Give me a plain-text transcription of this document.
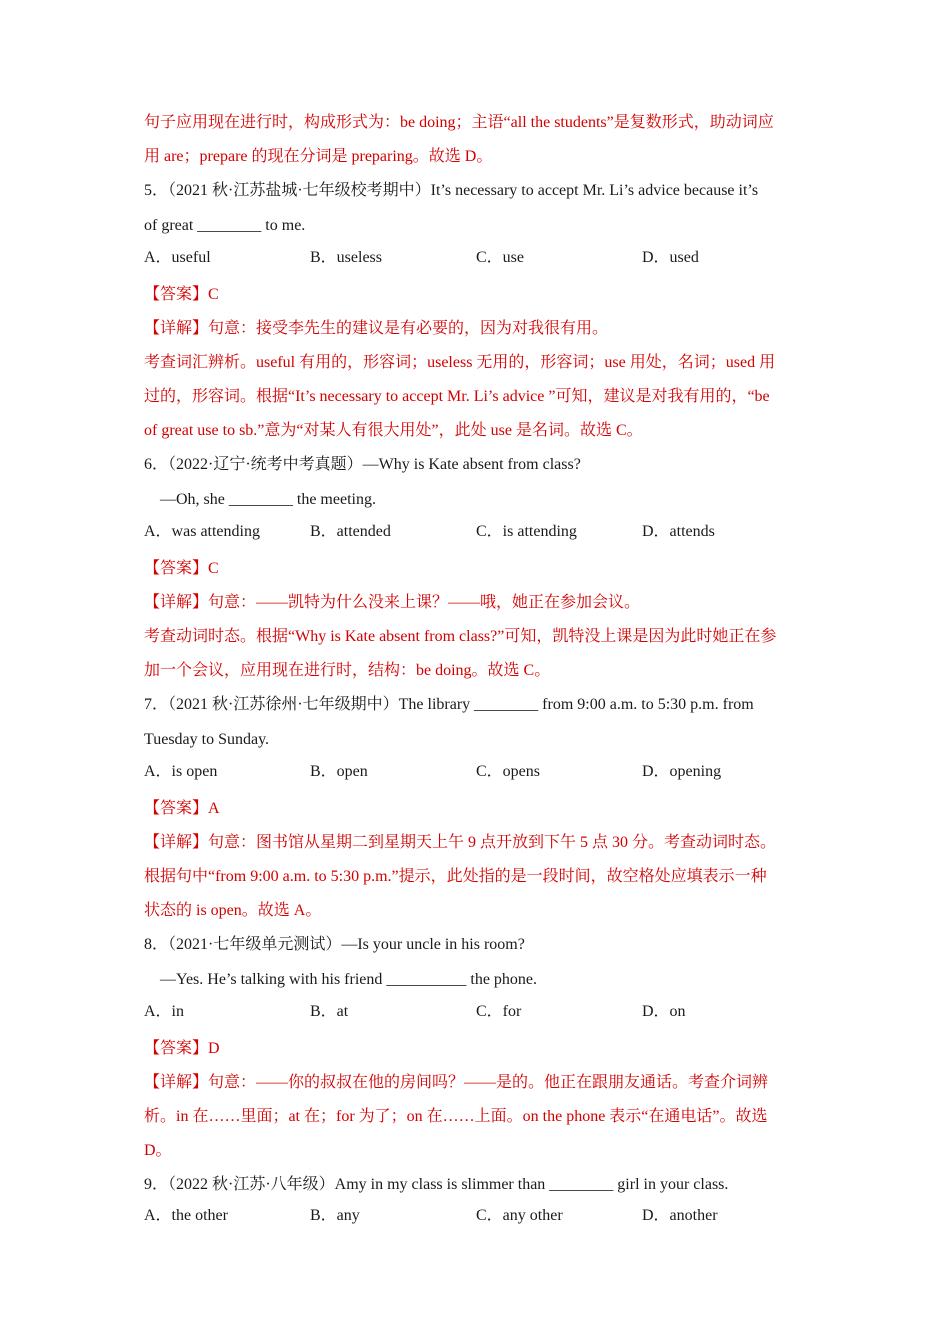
句子应用现在进行时，构成形式为：be doing；主语“all the students”是复数形式，助动词应
用 are；prepare 的现在分词是 preparing。故选 D。
5．（2021 秋·江苏盐城·七年级校考期中）It’s necessary to accept Mr. Li’s advice because it’s
of great ________ to me.
A．useful	B．useless	C．use	D．used
【答案】C
【详解】句意：接受李先生的建议是有必要的，因为对我很有用。
考查词汇辨析。useful 有用的，形容词；useless 无用的，形容词；use 用处，名词；used 用
过的，形容词。根据“It’s necessary to accept Mr. Li’s advice ”可知，建议是对我有用的，“be
of great use to sb.”意为“对某人有很大用处”，此处 use 是名词。故选 C。
6．（2022·辽宁·统考中考真题）—Why is Kate absent from class?
—Oh, she ________ the meeting.
A．was attending	B．attended	C．is attending	D．attends
【答案】C
【详解】句意：——凯特为什么没来上课？——哦，她正在参加会议。
考查动词时态。根据“Why is Kate absent from class?”可知，凯特没上课是因为此时她正在参
加一个会议，应用现在进行时，结构：be doing。故选 C。
7．（2021 秋·江苏徐州·七年级期中）The library ________ from 9:00 a.m. to 5:30 p.m. from
Tuesday to Sunday.
A．is open	B．open	C．opens	D．opening
【答案】A
【详解】句意：图书馆从星期二到星期天上午 9 点开放到下午 5 点 30 分。考查动词时态。
根据句中“from 9:00 a.m. to 5:30 p.m.”提示，此处指的是一段时间，故空格处应填表示一种
状态的 is open。故选 A。
8．（2021·七年级单元测试）—Is your uncle in his room?
—Yes. He’s talking with his friend __________ the phone.
A．in	B．at	C．for	D．on
【答案】D
【详解】句意：——你的叔叔在他的房间吗？——是的。他正在跟朋友通话。考查介词辨
析。in 在……里面；at 在；for 为了；on 在……上面。on the phone 表示“在通电话”。故选
D。
9．（2022 秋·江苏·八年级）Amy in my class is slimmer than ________ girl in your class.
A．the other	B．any	C．any other	D．another
